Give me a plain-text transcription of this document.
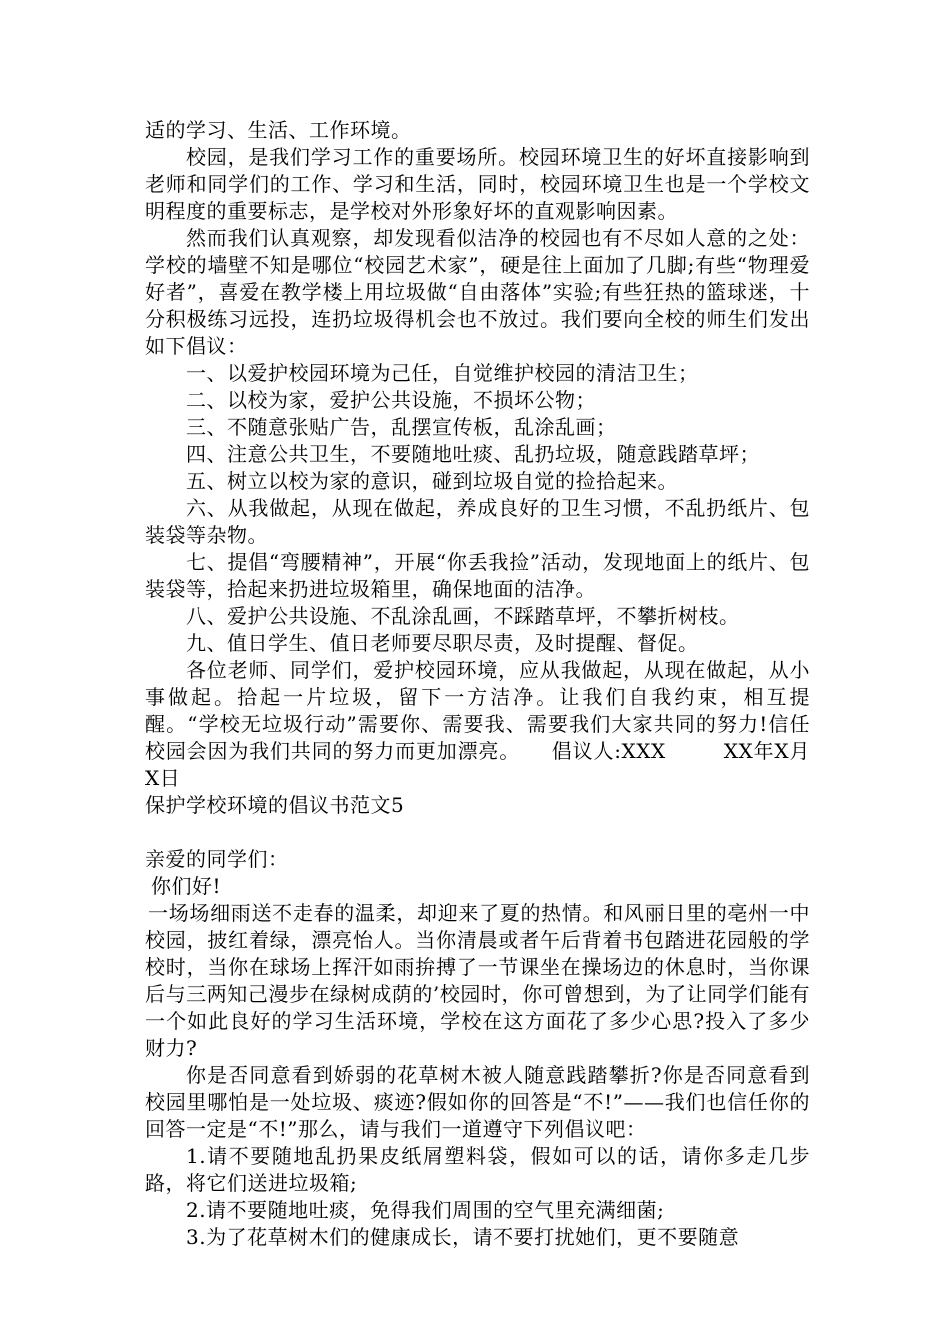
适的学习、生活、工作环境。

校园，是我们学习工作的重要场所。校园环境卫生的好坏直接影响到老师和同学们的工作、学习和生活，同时，校园环境卫生也是一个学校文明程度的重要标志，是学校对外形象好坏的直观影响因素。

然而我们认真观察，却发现看似洁净的校园也有不尽如人意的之处：学校的墙壁不知是哪位“校园艺术家”，硬是往上面加了几脚;有些“物理爱好者”，喜爱在教学楼上用垃圾做“自由落体”实验;有些狂热的篮球迷，十分积极练习远投，连扔垃圾得机会也不放过。我们要向全校的师生们发出如下倡议：

一、以爱护校园环境为己任，自觉维护校园的清洁卫生；

二、以校为家，爱护公共设施，不损坏公物；

三、不随意张贴广告，乱摆宣传板，乱涂乱画；

四、注意公共卫生，不要随地吐痰、乱扔垃圾，随意践踏草坪；

五、树立以校为家的意识，碰到垃圾自觉的捡拾起来。

六、从我做起，从现在做起，养成良好的卫生习惯，不乱扔纸片、包装袋等杂物。

七、提倡“弯腰精神”，开展“你丢我捡”活动，发现地面上的纸片、包装袋等，拾起来扔进垃圾箱里，确保地面的洁净。

八、爱护公共设施、不乱涂乱画，不踩踏草坪，不攀折树枝。

九、值日学生、值日老师要尽职尽责，及时提醒、督促。

各位老师、同学们，爱护校园环境，应从我做起，从现在做起，从小事做起。拾起一片垃圾，留下一方洁净。让我们自我约束，相互提醒。“学校无垃圾行动”需要你、需要我、需要我们大家共同的努力!信任校园会因为我们共同的努力而更加漂亮。　　倡议人:XXX	XX年X月X日

保护学校环境的倡议书范文5

亲爱的同学们：

你们好!

一场场细雨送不走春的温柔，却迎来了夏的热情。和风丽日里的亳州一中校园，披红着绿，漂亮怡人。当你清晨或者午后背着书包踏进花园般的学校时，当你在球场上挥汗如雨拚搏了一节课坐在操场边的休息时，当你课后与三两知己漫步在绿树成荫的’校园时，你可曾想到，为了让同学们能有一个如此良好的学习生活环境，学校在这方面花了多少心思?投入了多少财力?

你是否同意看到娇弱的花草树木被人随意践踏攀折?你是否同意看到校园里哪怕是一处垃圾、痰迹?假如你的回答是“不!”——我们也信任你的回答一定是“不!”那么，请与我们一道遵守下列倡议吧：

1.请不要随地乱扔果皮纸屑塑料袋，假如可以的话，请你多走几步路，将它们送进垃圾箱;

2.请不要随地吐痰，免得我们周围的空气里充满细菌;

3.为了花草树木们的健康成长，请不要打扰她们，更不要随意
